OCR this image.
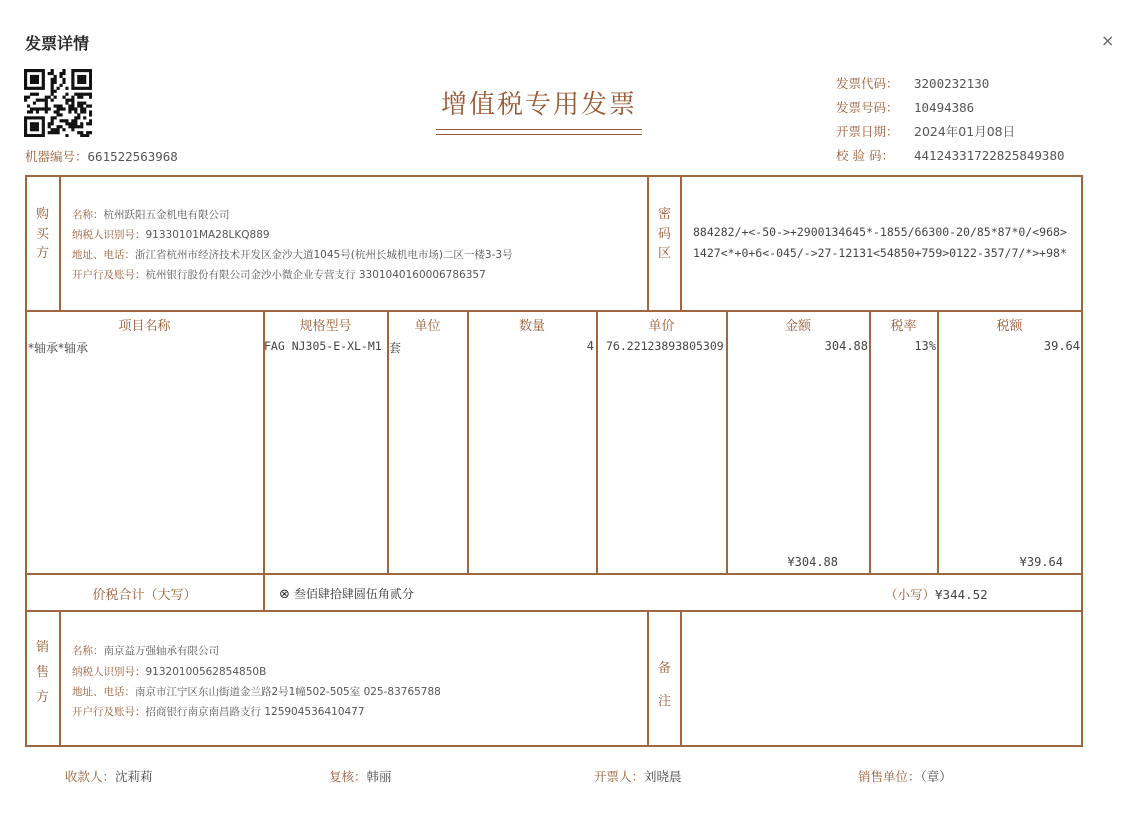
发票详情	×
机器编号：661522563968
增值税专用发票
发票代码： 3200232130
发票号码： 10494386
开票日期： 2024年01月08日
校 验 码： 44124331722825849380
购
买
方
名称：杭州跃阳五金机电有限公司
纳税人识别号：91330101MA28LKQ889
地址、电话：浙江省杭州市经济技术开发区金沙大道1045号(杭州长城机电市场)二区一楼3-3号
开户行及账号：杭州银行股份有限公司金沙小微企业专营支行 3301040160006786357
密
码
区
884282/+<-50->+2900134645*-1855/66300-20/85*87*0/<968>
1427<*+0+6<-045/->27-12131<54850+759>0122-357/7/*>+98*
项目名称	规格型号	单位	数量	单价	金额	税率	税额
*轴承*轴承	FAG NJ305-E-XL-M1 套	4 76.22123893805309	304.88	13%	39.64
¥304.88	¥39.64
价税合计（大写）	⊗ 叁佰肆拾肆圆伍角贰分	（小写）¥344.52
销
售
方
名称：南京益万强轴承有限公司
纳税人识别号：91320100562854850B
地址、电话：南京市江宁区东山街道金兰路2号1幢502-505室 025-83765788
开户行及账号：招商银行南京南昌路支行 125904536410477
备
注
收款人：沈莉莉	复核：韩丽	开票人：刘晓晨	销售单位：（章）
